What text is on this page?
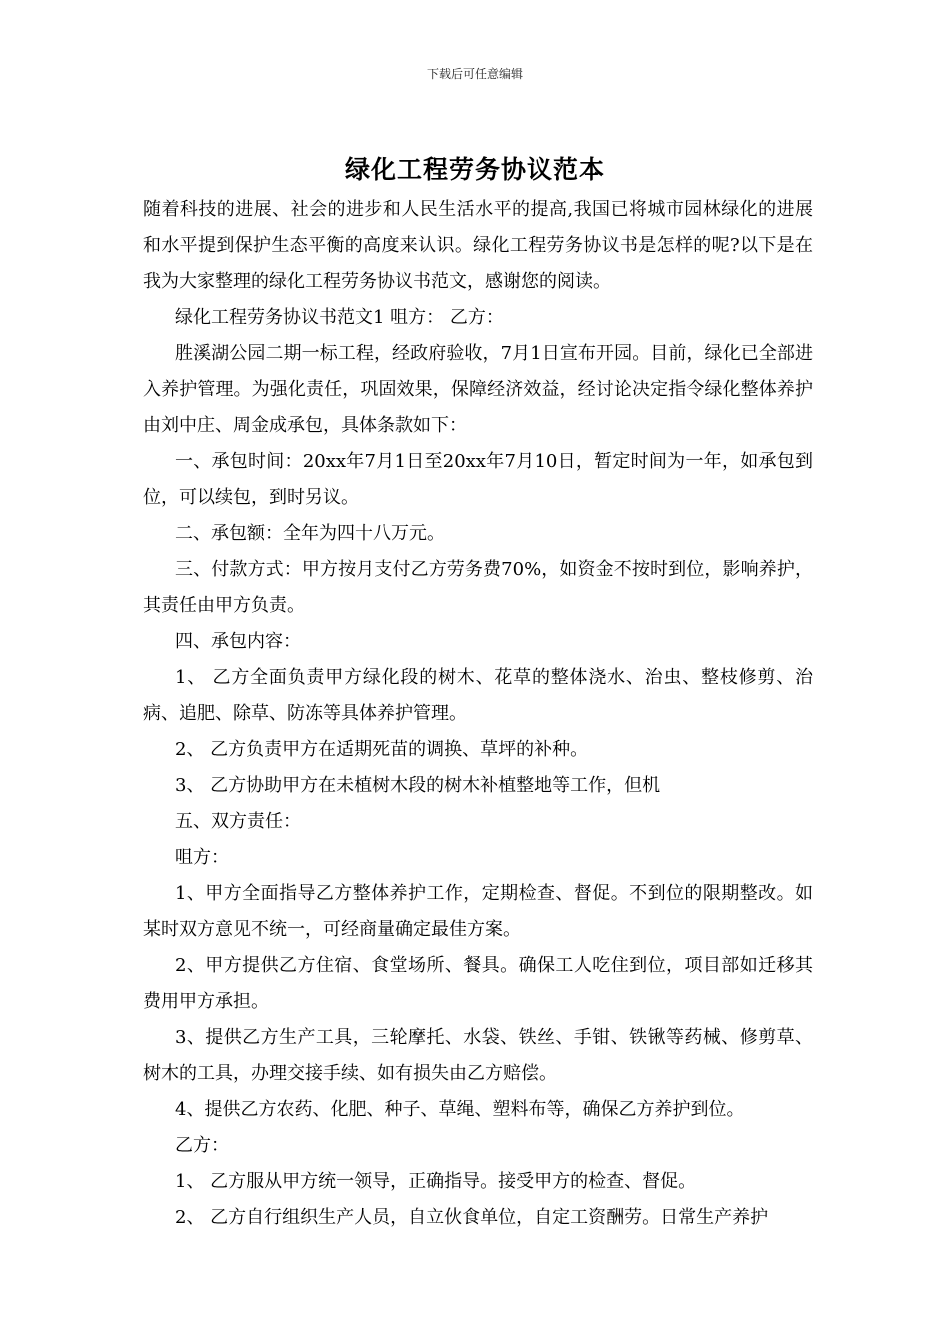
下载后可任意编辑
绿化工程劳务协议范本

随着科技的进展、社会的进步和人民生活水平的提高,我国已将城市园林绿化的进展和水平提到保护生态平衡的高度来认识。绿化工程劳务协议书是怎样的呢?以下是在我为大家整理的绿化工程劳务协议书范文，感谢您的阅读。

绿化工程劳务协议书范文1 咀方： 乙方：

胜溪湖公园二期一标工程，经政府验收，7月1日宣布开园。目前，绿化已全部进入养护管理。为强化责任，巩固效果，保障经济效益，经讨论决定指令绿化整体养护由刘中庄、周金成承包，具体条款如下：

一、承包时间：20xx年7月1日至20xx年7月10日，暂定时间为一年，如承包到位，可以续包，到时另议。

二、承包额：全年为四十八万元。

三、付款方式：甲方按月支付乙方劳务费70%，如资金不按时到位，影响养护，其责任由甲方负责。

四、承包内容：

1、 乙方全面负责甲方绿化段的树木、花草的整体浇水、治虫、整枝修剪、治病、追肥、除草、防冻等具体养护管理。

2、 乙方负责甲方在适期死苗的调换、草坪的补种。

3、 乙方协助甲方在未植树木段的树木补植整地等工作，但机

五、双方责任：

咀方：

1、甲方全面指导乙方整体养护工作，定期检查、督促。不到位的限期整改。如某时双方意见不统一，可经商量确定最佳方案。

2、甲方提供乙方住宿、食堂场所、餐具。确保工人吃住到位，项目部如迁移其费用甲方承担。

3、提供乙方生产工具，三轮摩托、水袋、铁丝、手钳、铁锹等药械、修剪草、树木的工具，办理交接手续、如有损失由乙方赔偿。

4、提供乙方农药、化肥、种子、草绳、塑料布等，确保乙方养护到位。

乙方：

1、 乙方服从甲方统一领导，正确指导。接受甲方的检查、督促。

2、 乙方自行组织生产人员，自立伙食单位，自定工资酬劳。日常生产养护
